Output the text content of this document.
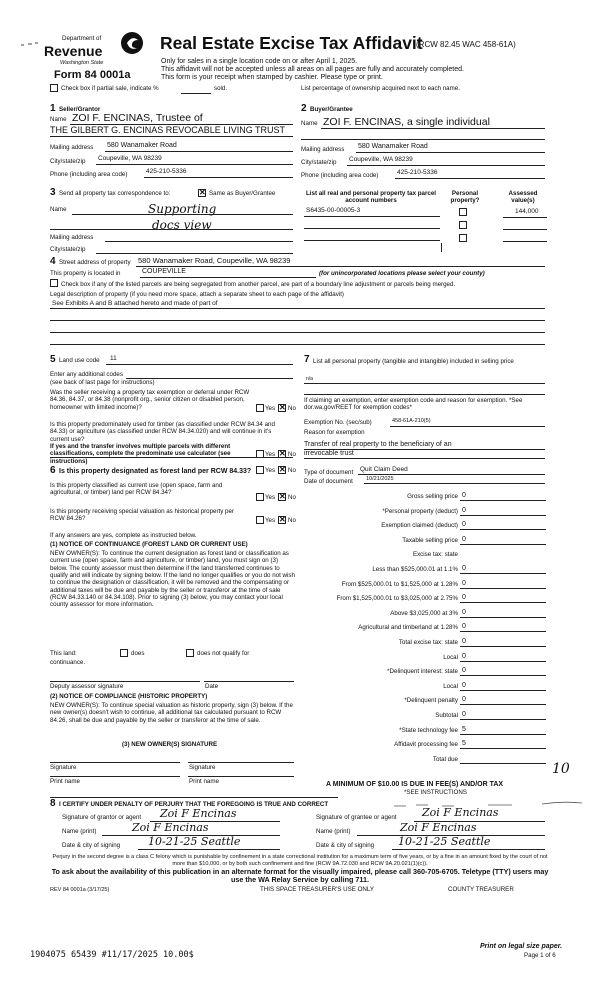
Department of
Revenue
Washington State
Form 84 0001a
Real Estate Excise Tax Affidavit
(RCW 82.45 WAC 458-61A)
Only for sales in a single location code on or after April 1, 2025.
This affidavit will not be accepted unless all areas on all pages are fully and accurately completed.
This form is your receipt when stamped by cashier. Please type or print.
Check box if partial sale, indicate %	sold.	List percentage of ownership acquired next to each name.
1 Seller/Grantor
Name ZOI F. ENCINAS, Trustee of
THE GILBERT G. ENCINAS REVOCABLE LIVING TRUST
Mailing address 580 Wanamaker Road
City/state/zip Coupeville, WA 98239
Phone (including area code)	425-210-5336
2 Buyer/Grantee
Name ZOI F. ENCINAS, a single individual
Mailing address 580 Wanamaker Road
City/state/zip Coupeville, WA 98239
Phone (including area code)	425-210-5336
3 Send all property tax correspondence to: ✕	Same as Buyer/Grantee
Name	Supporting
docs view
Mailing address
City/state/zip
List all real and personal property tax parcel account numbers
Personal property?
Assessed value(s)
S6435-00-00005-3	144,000
4 Street address of property 580 Wanamaker Road, Coupeville, WA 98239
This property is located in	COUPEVILLE	(for unincorporated locations please select your county)
Check box if any of the listed parcels are being segregated from another parcel, are part of a boundary line adjustment or parcels being merged.
Legal description of property (if you need more space, attach a separate sheet to each page of the affidavit)
See Exhibits A and B attached hereto and made of part of
5 Land use code 11
Enter any additional codes
(see back of last page for instructions)
Was the seller receiving a property tax exemption or deferral under RCW 84.36, 84.37, or 84.38 (nonprofit org., senior citizen or disabled person, homeowner with limited income)?	Yes ✕ No
Is this property predominately used for timber (as classified under RCW 84.34 and 84.33) or agriculture (as classified under RCW 84.34.020) and will continue in it's current use?
If yes and the transfer involves multiple parcels with different classifications, complete the predominate use calculator (see instructions)
Yes ✕ No
6 Is this property designated as forest land per RCW 84.33? Yes ✕ No
Is this property classified as current use (open space, farm and agricultural, or timber) land per RCW 84.34?
Yes ✕ No
Is this property receiving special valuation as historical property per RCW 84.26?	Yes ✕ No
If any answers are yes, complete as instructed below.
(1) NOTICE OF CONTINUANCE (FOREST LAND OR CURRENT USE)
NEW OWNER(S): To continue the current designation as forest land or classification as current use (open space, farm and agriculture, or timber) land, you must sign on (3) below. The county assessor must then determine if the land transferred continues to qualify and will indicate by signing below. If the land no longer qualifies or you do not wish to continue the designation or classification, it will be removed and the compensating or additional taxes will be due and payable by the seller or transferor at the time of sale (RCW 84.33.140 or 84.34.108). Prior to signing (3) below, you may contact your local county assessor for more information.
This land:	does	does not qualify for
continuance.
Deputy assessor signature	Date
(2) NOTICE OF COMPLIANCE (HISTORIC PROPERTY)
NEW OWNER(S): To continue special valuation as historic property, sign (3) below. If the new owner(s) doesn't wish to continue, all additional tax calculated pursuant to RCW 84.26, shall be due and payable by the seller or transferor at the time of sale.
(3) NEW OWNER(S) SIGNATURE
Signature	Signature
Print name	Print name
7 List all personal property (tangible and intangible) included in selling price
n/a
If claiming an exemption, enter exemption code and reason for exemption. *See dor.wa.gov/REET for exemption codes*
Exemption No. (sec/sub)	458-61A-210(5)
Reason for exemption
Transfer of real property to the beneficiary of an
irrevocable trust
Type of document Quit Claim Deed
Date of document 10/21/2025
Gross selling price 0
*Personal property (deduct) 0
Exemption claimed (deduct) 0
Taxable selling price 0
Excise tax: state
Less than $525,000.01 at 1.1% 0
From $525,000.01 to $1,525,000 at 1.28% 0
From $1,525,000.01 to $3,025,000 at 2.75% 0
Above $3,025,000 at 3% 0
Agricultural and timberland at 1.28% 0
Total excise tax: state 0
Local 0
*Delinquent interest: state 0
Local 0
*Delinquent penalty 0
Subtotal 0
*State technology fee 5
Affidavit processing fee 5
Total due
10
A MINIMUM OF $10.00 IS DUE IN FEE(S) AND/OR TAX
*SEE INSTRUCTIONS
8 I CERTIFY UNDER PENALTY OF PERJURY THAT THE FOREGOING IS TRUE AND CORRECT
Signature of grantor or agent Zoi F Encinas
Name (print)	Zoi F Encinas
Date & city of signing	10-21-25 Seattle
Signature of grantee or agent Zoi F Encinas
Name (print)	Zoi F Encinas
Date & city of signing 10-21-25 Seattle
Perjury in the second degree is a class C felony which is punishable by confinement in a state correctional institution for a maximum term of five years, or by a fine in an amount fixed by the court of not more than $10,000, or by both such confinement and fine (RCW 9A.72.030 and RCW 9A.20.021(1)(c)).
To ask about the availability of this publication in an alternate format for the visually impaired, please call 360-705-6705. Teletype (TTY) users may use the WA Relay Service by calling 711.
REV 84 0001a (3/17/25)	THIS SPACE TREASURER'S USE ONLY	COUNTY TREASURER
1904075 65439 #11/17/2025 10.00$
Print on legal size paper.
Page 1 of 6
